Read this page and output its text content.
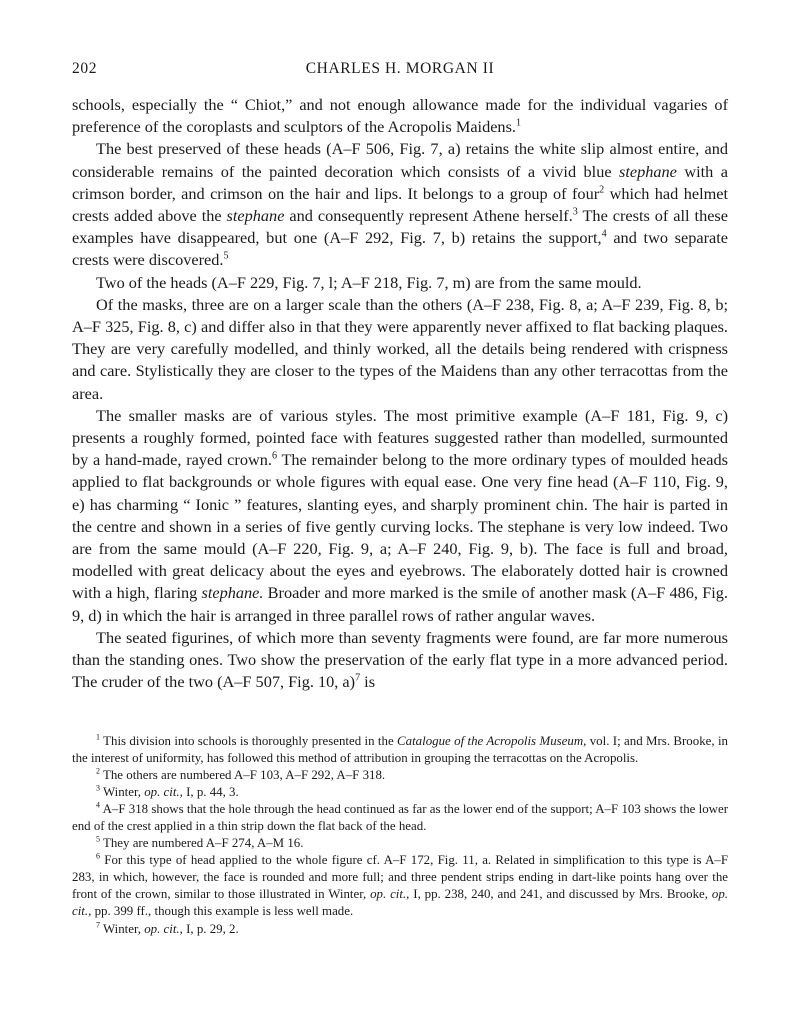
202	CHARLES H. MORGAN II

schools, especially the “ Chiot,” and not enough allowance made for the individual vagaries of preference of the coroplasts and sculptors of the Acropolis Maidens.$^1$

The best preserved of these heads (A–F 506, Fig. 7, a) retains the white slip almost entire, and considerable remains of the painted decoration which consists of a vivid blue stephane with a crimson border, and crimson on the hair and lips. It belongs to a group of four$^2$ which had helmet crests added above the stephane and consequently represent Athene herself.$^3$ The crests of all these examples have disappeared, but one (A–F 292, Fig. 7, b) retains the support,$^4$ and two separate crests were discovered.$^5$

Two of the heads (A–F 229, Fig. 7, l; A–F 218, Fig. 7, m) are from the same mould.

Of the masks, three are on a larger scale than the others (A–F 238, Fig. 8, a; A–F 239, Fig. 8, b; A–F 325, Fig. 8, c) and differ also in that they were apparently never affixed to flat backing plaques. They are very carefully modelled, and thinly worked, all the details being rendered with crispness and care. Stylistically they are closer to the types of the Maidens than any other terracottas from the area.

The smaller masks are of various styles. The most primitive example (A–F 181, Fig. 9, c) presents a roughly formed, pointed face with features suggested rather than modelled, surmounted by a hand-made, rayed crown.$^6$ The remainder belong to the more ordinary types of moulded heads applied to flat backgrounds or whole figures with equal ease. One very fine head (A–F 110, Fig. 9, e) has charming “ Ionic ” features, slanting eyes, and sharply prominent chin. The hair is parted in the centre and shown in a series of five gently curving locks. The stephane is very low indeed. Two are from the same mould (A–F 220, Fig. 9, a; A–F 240, Fig. 9, b). The face is full and broad, modelled with great delicacy about the eyes and eyebrows. The elaborately dotted hair is crowned with a high, flaring stephane. Broader and more marked is the smile of another mask (A–F 486, Fig. 9, d) in which the hair is arranged in three parallel rows of rather angular waves.

The seated figurines, of which more than seventy fragments were found, are far more numerous than the standing ones. Two show the preservation of the early flat type in a more advanced period. The cruder of the two (A–F 507, Fig. 10, a)$^7$ is

$^1$ This division into schools is thoroughly presented in the Catalogue of the Acropolis Museum, vol. I; and Mrs. Brooke, in the interest of uniformity, has followed this method of attribution in grouping the terracottas on the Acropolis.

$^2$ The others are numbered A–F 103, A–F 292, A–F 318.

$^3$ Winter, op. cit., I, p. 44, 3.

$^4$ A–F 318 shows that the hole through the head continued as far as the lower end of the support; A–F 103 shows the lower end of the crest applied in a thin strip down the flat back of the head.

$^5$ They are numbered A–F 274, A–M 16.

$^6$ For this type of head applied to the whole figure cf. A–F 172, Fig. 11, a. Related in simplification to this type is A–F 283, in which, however, the face is rounded and more full; and three pendent strips ending in dart-like points hang over the front of the crown, similar to those illustrated in Winter, op. cit., I, pp. 238, 240, and 241, and discussed by Mrs. Brooke, op. cit., pp. 399 ff., though this example is less well made.

$^7$ Winter, op. cit., I, p. 29, 2.
